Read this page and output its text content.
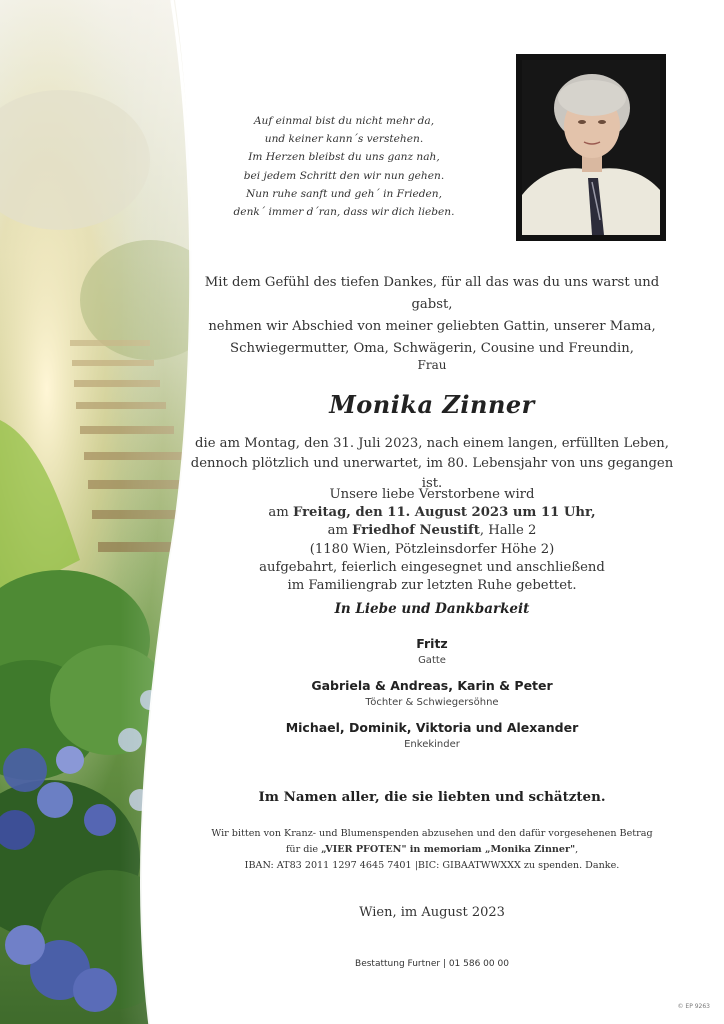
Auf einmal bist du nicht mehr da,
und keiner kann´s verstehen.
Im Herzen bleibst du uns ganz nah,
bei jedem Schritt den wir nun gehen.
Nun ruhe sanft und geh´ in Frieden,
denk´ immer d´ran, dass wir dich lieben.
Mit dem Gefühl des tiefen Dankes, für all das was du uns warst und gabst,
nehmen wir Abschied von meiner geliebten Gattin, unserer Mama,
Schwiegermutter, Oma, Schwägerin, Cousine und Freundin,
Frau
Monika Zinner
die am Montag, den 31. Juli 2023, nach einem langen, erfüllten Leben,
dennoch plötzlich und unerwartet, im 80. Lebensjahr von uns gegangen ist.
Unsere liebe Verstorbene wird
am Freitag, den 11. August 2023 um 11 Uhr,
am Friedhof Neustift, Halle 2
(1180 Wien, Pötzleinsdorfer Höhe 2)
aufgebahrt, feierlich eingesegnet und anschließend
im Familiengrab zur letzten Ruhe gebettet.
In Liebe und Dankbarkeit
Fritz
Gatte
Gabriela & Andreas, Karin & Peter
Töchter & Schwiegersöhne
Michael, Dominik, Viktoria und Alexander
Enkekinder
Im Namen aller, die sie liebten und schätzten.
Wir bitten von Kranz- und Blumenspenden abzusehen und den dafür vorgesehenen Betrag
für die „VIER PFOTEN" in memoriam „Monika Zinner",
IBAN: AT83 2011 1297 4645 7401 |BIC: GIBAATWWXXX zu spenden. Danke.
Wien, im August 2023
Bestattung Furtner | 01 586 00 00
© EP 9263
